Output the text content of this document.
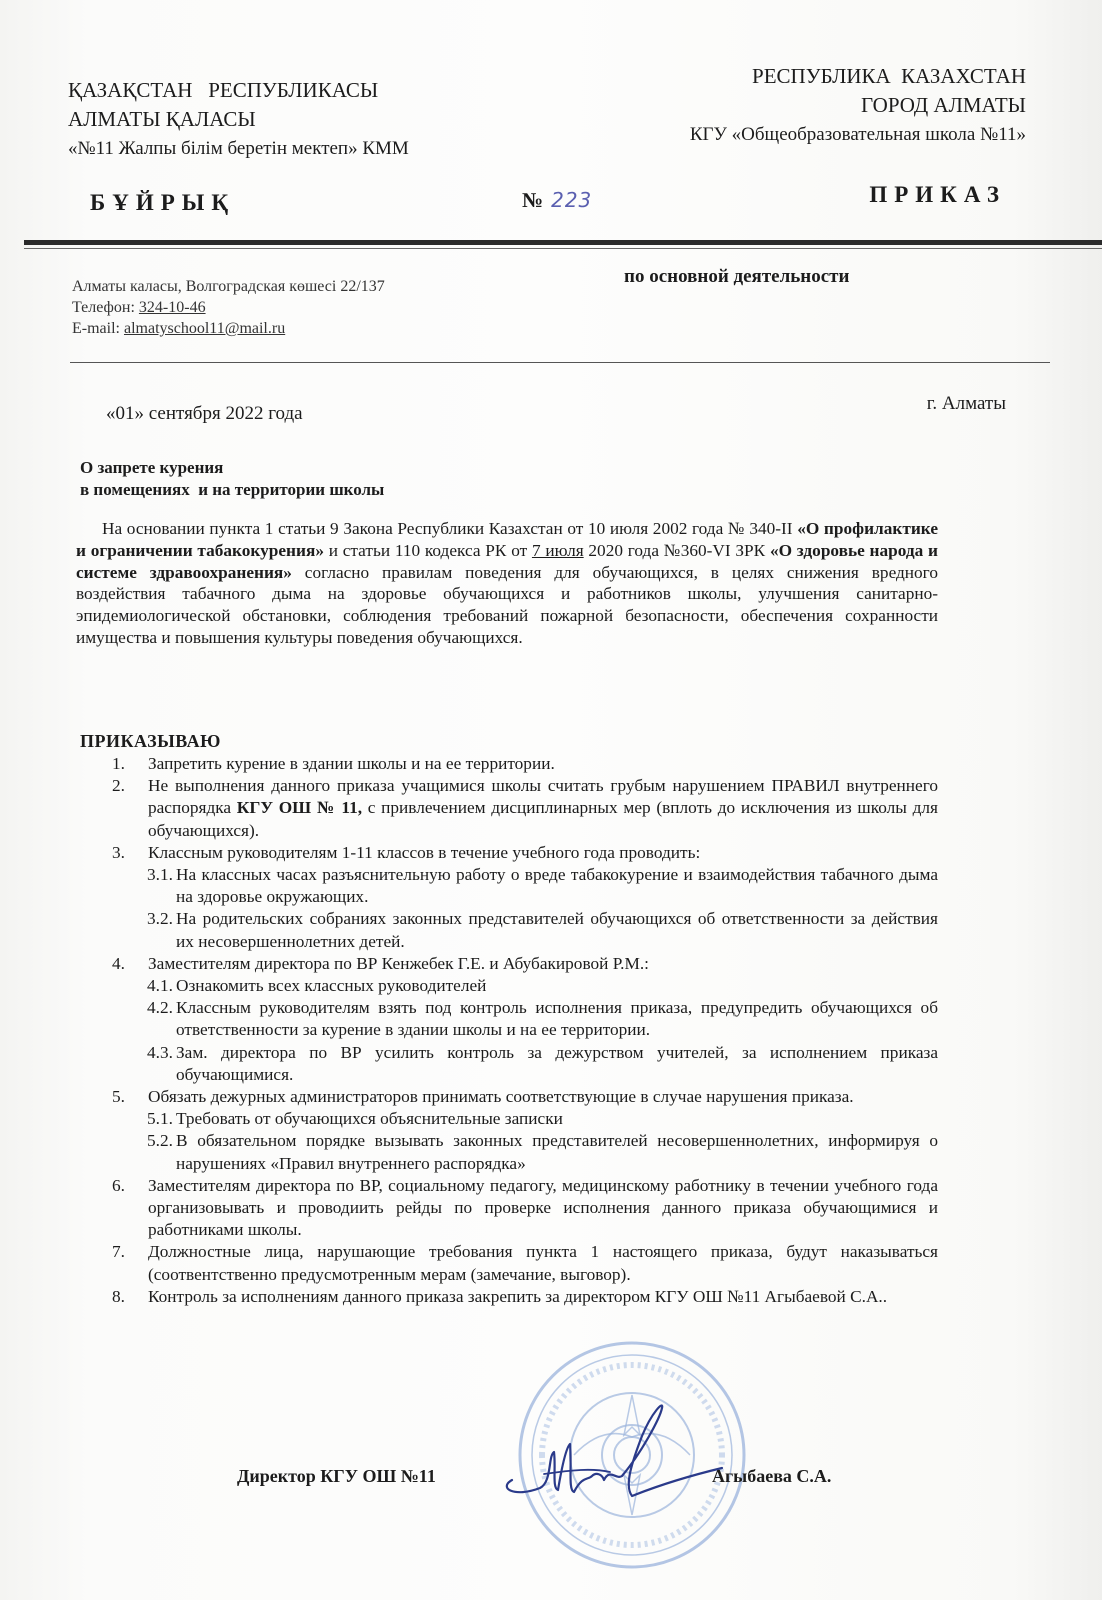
ҚАЗАҚСТАН   РЕСПУБЛИКАСЫ
АЛМАТЫ ҚАЛАСЫ
«№11 Жалпы білім беретін мектеп» КММ
РЕСПУБЛИКА  КАЗАХСТАН
ГОРОД АЛМАТЫ
КГУ «Общеобразовательная школа №11»
БҰЙРЫҚ	№ 223	ПРИКАЗ
Алматы каласы, Волгоградская көшесі 22/137
Телефон: 324-10-46
E-mail: almatyschool11@mail.ru
по основной деятельности
«01» сентября 2022 года	г. Алматы
О запрете курения
в помещениях  и на территории школы
На основании пункта 1 статьи 9 Закона Республики Казахстан от 10 июля 2002 года № 340-II «О профилактике и ограничении табакокурения» и статьи 110 кодекса РК от 7 июля 2020 года №360-VI ЗРК «О здоровье народа и системе здравоохранения» согласно правилам поведения для обучающихся, в целях снижения вредного воздействия табачного дыма на здоровье обучающихся и работников школы, улучшения санитарно-эпидемиологической обстановки, соблюдения требований пожарной безопасности, обеспечения сохранности имущества и повышения культуры поведения обучающихся.
ПРИКАЗЫВАЮ
1. Запретить курение в здании школы и на ее территории.
2. Не выполнения данного приказа учащимися школы считать грубым нарушением ПРАВИЛ внутреннего распорядка КГУ ОШ № 11, с привлечением дисциплинарных мер (вплоть до исключения из школы для обучающихся).
3. Классным руководителям 1-11 классов в течение учебного года проводить:
3.1. На классных часах разъяснительную работу о вреде табакокурение и взаимодействия табачного дыма на здоровье окружающих.
3.2. На родительских собраниях законных представителей обучающихся об ответственности за действия их несовершеннолетних детей.
4. Заместителям директора по ВР Кенжебек Г.Е. и Абубакировой Р.М.:
4.1. Ознакомить всех классных руководителей
4.2. Классным руководителям взять под контроль исполнения приказа, предупредить обучающихся об ответственности за курение в здании школы и на ее территории.
4.3. Зам. директора по ВР усилить контроль за дежурством учителей, за исполнением приказа обучающимися.
5. Обязать дежурных администраторов принимать соответствующие в случае нарушения приказа.
5.1. Требовать от обучающихся объяснительные записки
5.2. В обязательном порядке вызывать законных представителей несовершеннолетних, информируя о нарушениях «Правил внутреннего распорядка»
6. Заместителям директора по ВР, социальному педагогу, медицинскому работнику в течении учебного года организовывать и проводиить рейды по проверке исполнения данного приказа обучающимися и работниками школы.
7. Должностные лица, нарушающие требования пункта 1 настоящего приказа, будут наказываться (соотвентственно предусмотренным мерам (замечание, выговор).
8. Контроль за исполнениям данного приказа закрепить за директором КГУ ОШ №11 Агыбаевой С.А..
Директор КГУ ОШ №11	Агыбаева С.А.
